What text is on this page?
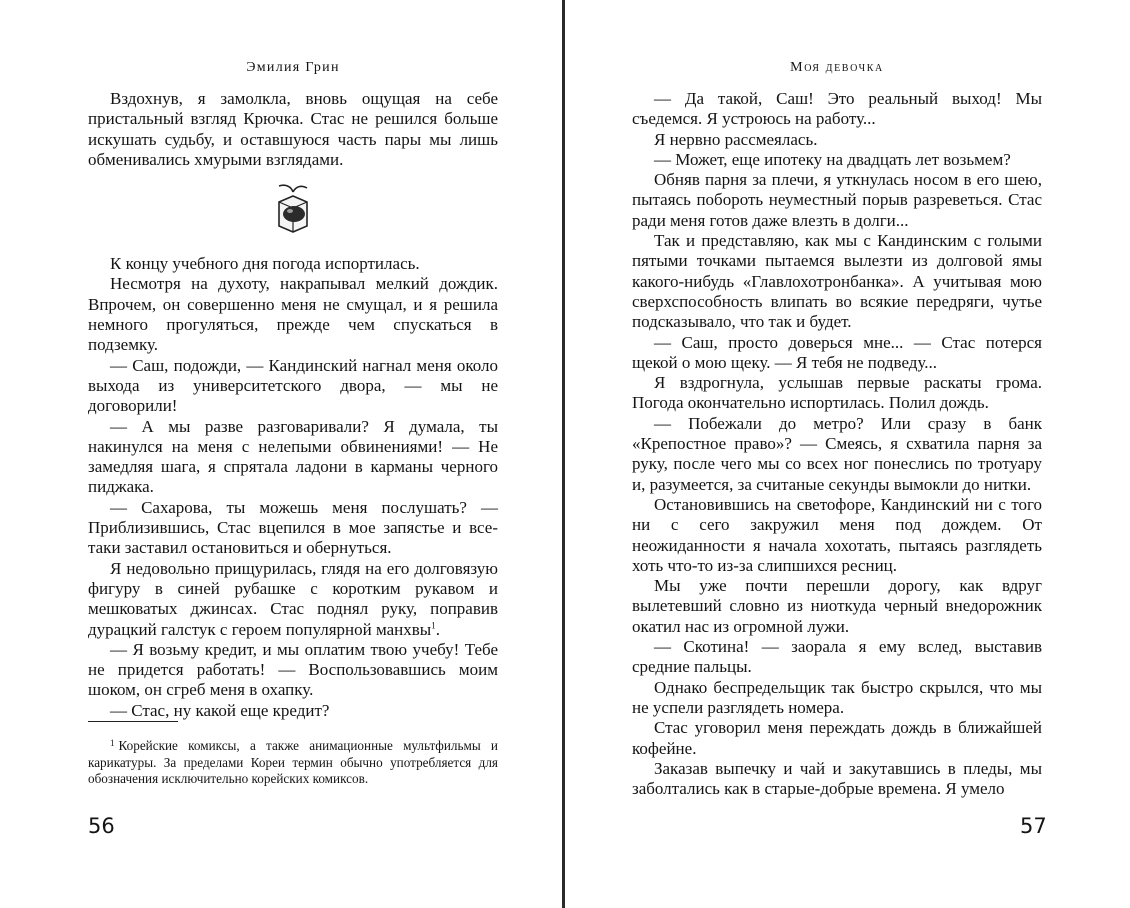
Эмилия Грин

Вздохнув, я замолкла, вновь ощущая на себе пристальный взгляд Крючка. Стас не решился больше искушать судьбу, и оставшуюся часть пары мы лишь обменивались хмурыми взглядами.

К концу учебного дня погода испортилась.

Несмотря на духоту, накрапывал мелкий дождик. Впрочем, он совершенно меня не смущал, и я решила немного прогуляться, прежде чем спускаться в подземку.

— Саш, подожди, — Кандинский нагнал меня около выхода из университетского двора, — мы не договорили!

— А мы разве разговаривали? Я думала, ты накинулся на меня с нелепыми обвинениями! — Не замедляя шага, я спрятала ладони в карманы черного пиджака.

— Сахарова, ты можешь меня послушать? — Приблизившись, Стас вцепился в мое запястье и все-таки заставил остановиться и обернуться.

Я недовольно прищурилась, глядя на его долговязую фигуру в синей рубашке с коротким рукавом и мешковатых джинсах. Стас поднял руку, поправив дурацкий галстук с героем популярной манхвы$^1$.

— Я возьму кредит, и мы оплатим твою учебу! Тебе не придется работать! — Воспользовавшись моим шоком, он сгреб меня в охапку.

— Стас, ну какой еще кредит?

$^1$ Корейские комиксы, а также анимационные мультфильмы и карикатуры. За пределами Кореи термин обычно употребляется для обозначения исключительно корейских комиксов.
56
Моя девочка

— Да такой, Саш! Это реальный выход! Мы съедемся. Я устроюсь на работу...

Я нервно рассмеялась.

— Может, еще ипотеку на двадцать лет возьмем?

Обняв парня за плечи, я уткнулась носом в его шею, пытаясь побороть неуместный порыв разреветься. Стас ради меня готов даже влезть в долги...

Так и представляю, как мы с Кандинским с голыми пятыми точками пытаемся вылезти из долговой ямы какого-нибудь «Главлохотронбанка». А учитывая мою сверхспособность влипать во всякие передряги, чутье подсказывало, что так и будет.

— Саш, просто доверься мне... — Стас потерся щекой о мою щеку. — Я тебя не подведу...

Я вздрогнула, услышав первые раскаты грома. Погода окончательно испортилась. Полил дождь.

— Побежали до метро? Или сразу в банк «Крепостное право»? — Смеясь, я схватила парня за руку, после чего мы со всех ног понеслись по тротуару и, разумеется, за считаные секунды вымокли до нитки.

Остановившись на светофоре, Кандинский ни с того ни с сего закружил меня под дождем. От неожиданности я начала хохотать, пытаясь разглядеть хоть что-то из-за слипшихся ресниц.

Мы уже почти перешли дорогу, как вдруг вылетевший словно из ниоткуда черный внедорожник окатил нас из огромной лужи.

— Скотина! — заорала я ему вслед, выставив средние пальцы.

Однако беспредельщик так быстро скрылся, что мы не успели разглядеть номера.

Стас уговорил меня переждать дождь в ближайшей кофейне.

Заказав выпечку и чай и закутавшись в пледы, мы заболтались как в старые-добрые времена. Я умело

57
